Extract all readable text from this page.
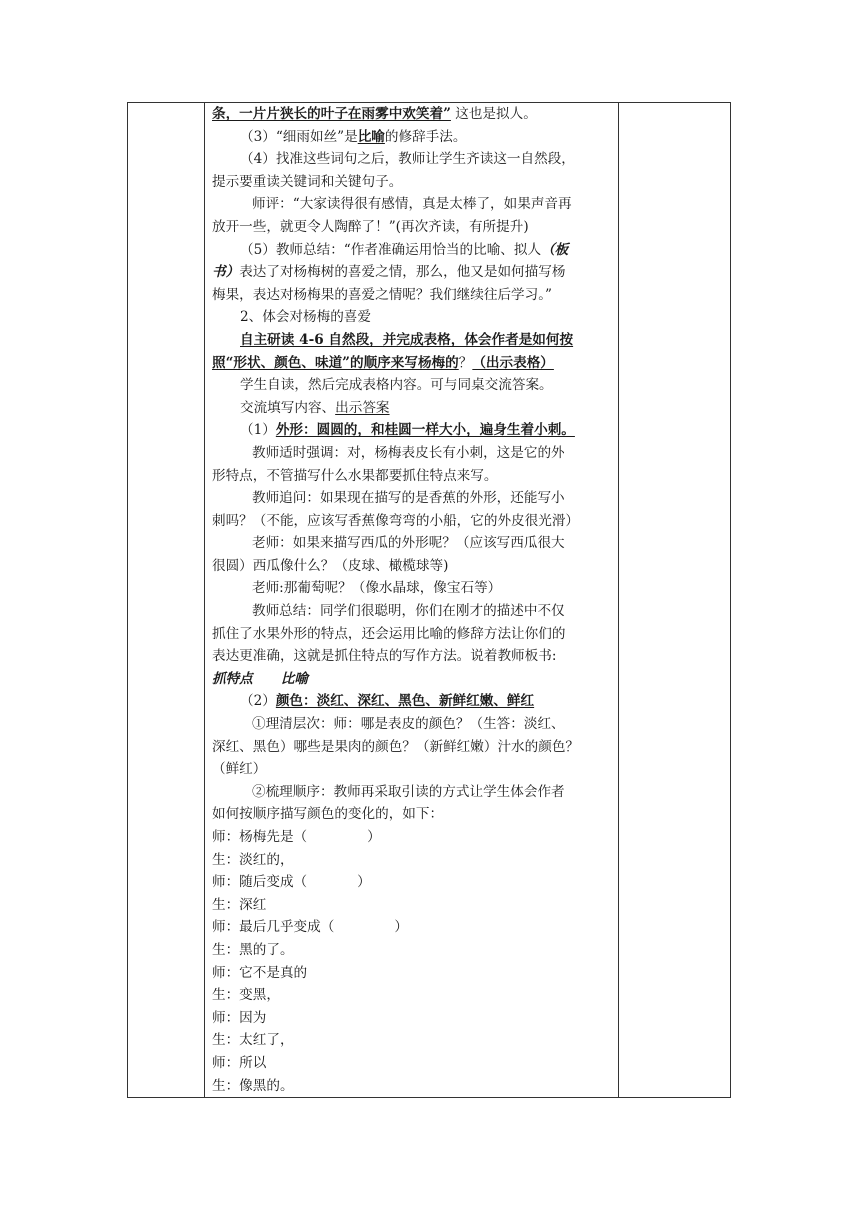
条，一片片狭长的叶子在雨雾中欢笑着” 这也是拟人。
（3）“细雨如丝”是比喻的修辞手法。
（4）找准这些词句之后，教师让学生齐读这一自然段，
提示要重读关键词和关键句子。
师评：“大家读得很有感情，真是太棒了，如果声音再
放开一些，就更令人陶醉了！”(再次齐读，有所提升)
（5）教师总结：“作者准确运用恰当的比喻、拟人（板
书）表达了对杨梅树的喜爱之情，那么，他又是如何描写杨
梅果，表达对杨梅果的喜爱之情呢？我们继续往后学习。”
2、体会对杨梅的喜爱
自主研读 4-6 自然段，并完成表格，体会作者是如何按
照“形状、颜色、味道”的顺序来写杨梅的？（出示表格）
学生自读，然后完成表格内容。可与同桌交流答案。
交流填写内容、出示答案
（1）外形：圆圆的，和桂圆一样大小，遍身生着小刺。
教师适时强调：对，杨梅表皮长有小刺，这是它的外
形特点，不管描写什么水果都要抓住特点来写。
教师追问：如果现在描写的是香蕉的外形，还能写小
刺吗？（不能，应该写香蕉像弯弯的小船，它的外皮很光滑）
老师：如果来描写西瓜的外形呢？（应该写西瓜很大
很圆）西瓜像什么？（皮球、橄榄球等)
老师:那葡萄呢？（像水晶球，像宝石等）
教师总结：同学们很聪明，你们在刚才的描述中不仅
抓住了水果外形的特点，还会运用比喻的修辞方法让你们的
表达更准确，这就是抓住特点的写作方法。说着教师板书:
抓特点 比喻
（2）颜色：淡红、深红、黑色、新鲜红嫩、鲜红
①理清层次：师：哪是表皮的颜色？（生答：淡红、
深红、黑色）哪些是果肉的颜色？（新鲜红嫩）汁水的颜色？
（鲜红）
②梳理顺序：教师再采取引读的方式让学生体会作者
如何按顺序描写颜色的变化的，如下：
师：杨梅先是（	）
生：淡红的，
师：随后变成（	）
生：深红
师：最后几乎变成（	）
生：黑的了。
师：它不是真的
生：变黑，
师：因为
生：太红了，
师：所以
生：像黑的。
